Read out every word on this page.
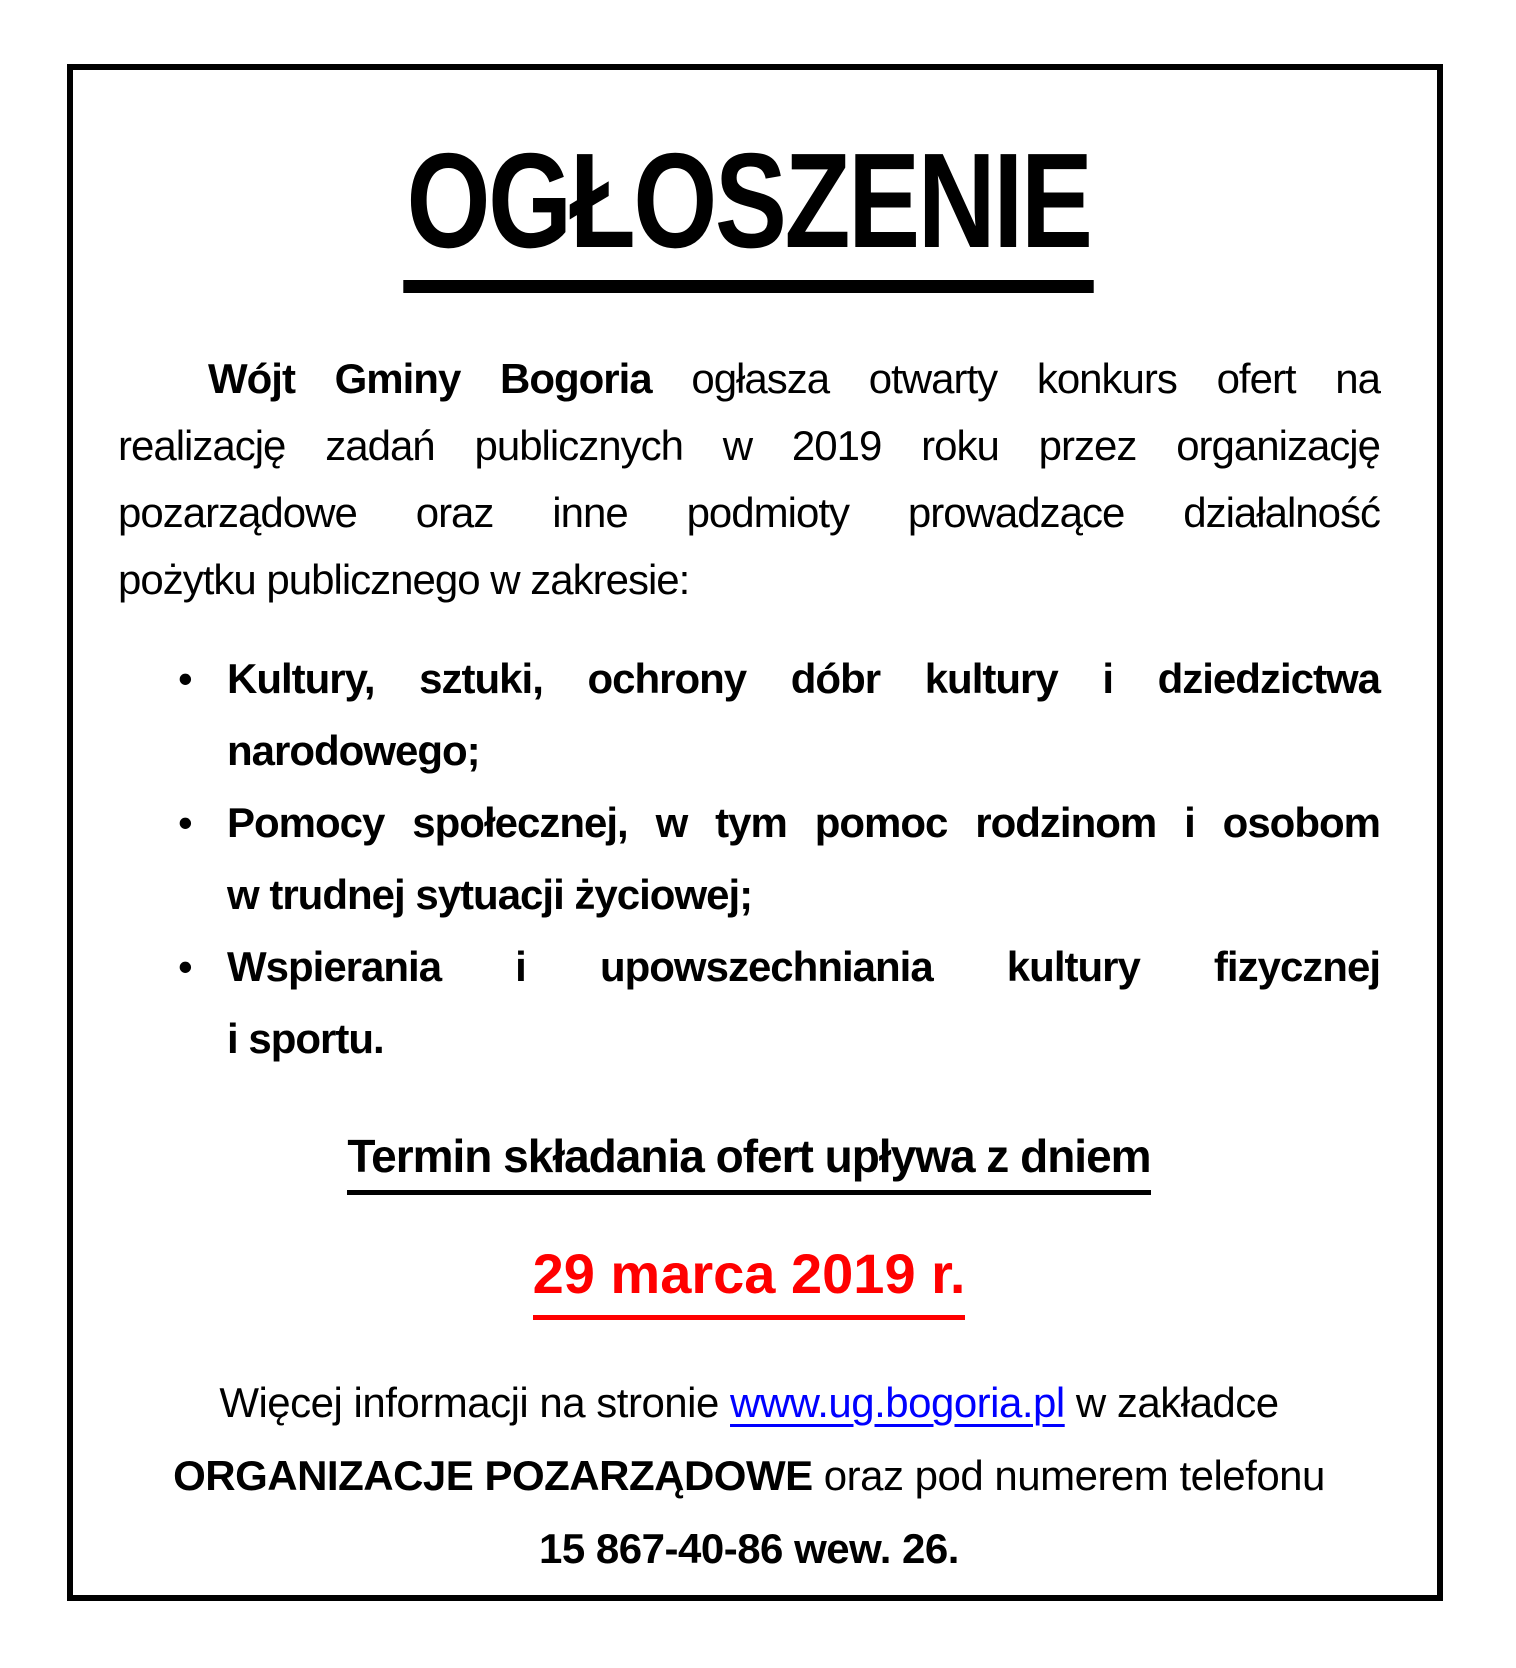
OGŁOSZENIE
Wójt Gminy Bogoria ogłasza otwarty konkurs ofert na
realizację zadań publicznych w 2019 roku przez organizację
pozarządowe oraz inne podmioty prowadzące działalność
pożytku publicznego w zakresie:
• Kultury, sztuki, ochrony dóbr kultury i dziedzictwa
narodowego;
• Pomocy społecznej, w tym pomoc rodzinom i osobom
w trudnej sytuacji życiowej;
• Wspierania i upowszechniania kultury fizycznej
i sportu.
Termin składania ofert upływa z dniem
29 marca 2019 r.
Więcej informacji na stronie www.ug.bogoria.pl w zakładce
ORGANIZACJE POZARZĄDOWE oraz pod numerem telefonu
15 867-40-86 wew. 26.
